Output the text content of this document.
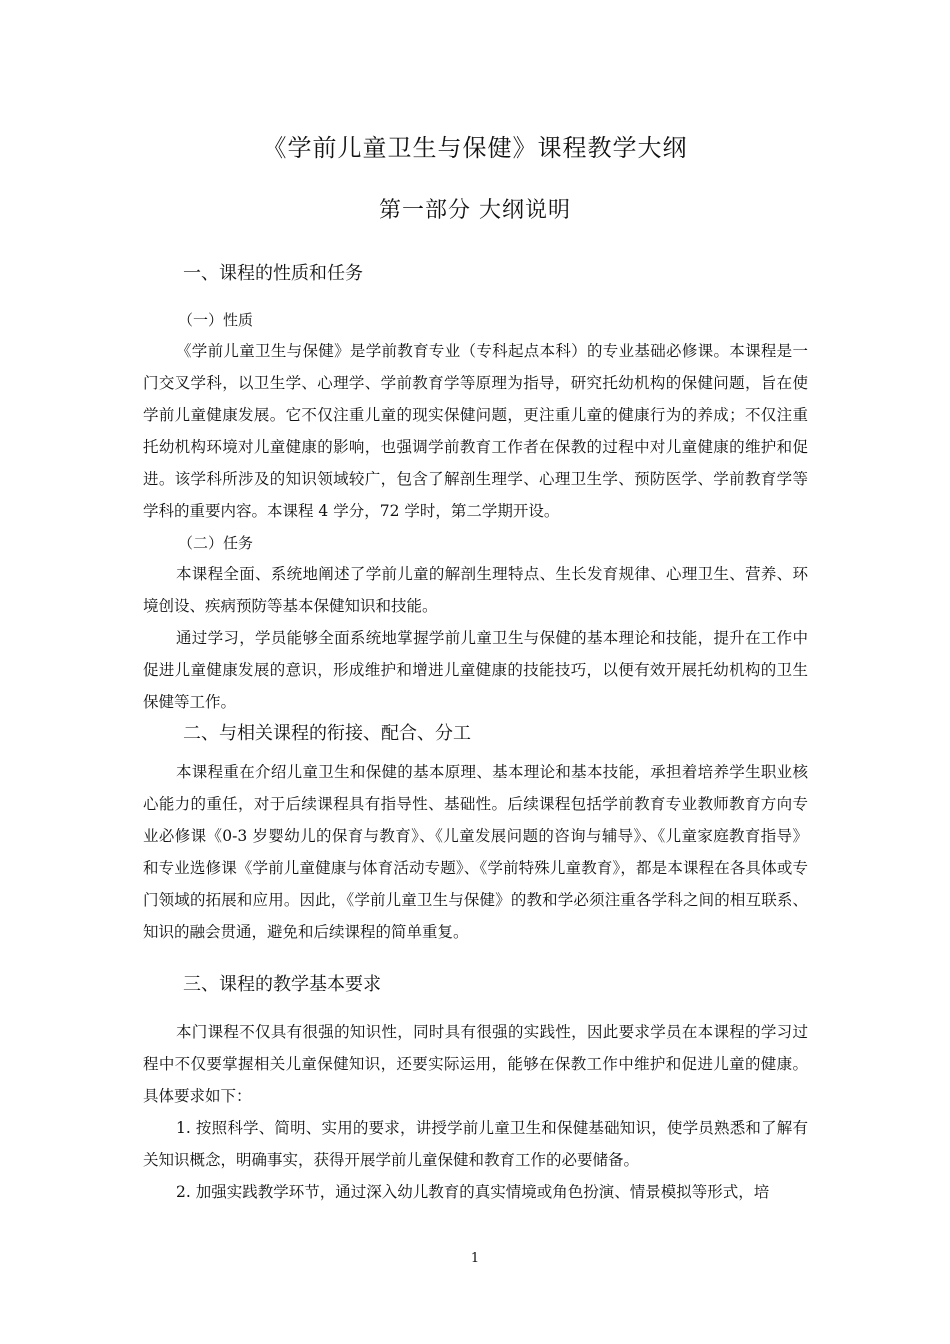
《学前儿童卫生与保健》课程教学大纲
第一部分 大纲说明
一、课程的性质和任务
（一）性质
《学前儿童卫生与保健》是学前教育专业（专科起点本科）的专业基础必修课。本课程是一门交叉学科，以卫生学、心理学、学前教育学等原理为指导，研究托幼机构的保健问题，旨在使学前儿童健康发展。它不仅注重儿童的现实保健问题，更注重儿童的健康行为的养成；不仅注重托幼机构环境对儿童健康的影响，也强调学前教育工作者在保教的过程中对儿童健康的维护和促进。该学科所涉及的知识领域较广，包含了解剖生理学、心理卫生学、预防医学、学前教育学等学科的重要内容。本课程 4 学分，72 学时，第二学期开设。
（二）任务
本课程全面、系统地阐述了学前儿童的解剖生理特点、生长发育规律、心理卫生、营养、环境创设、疾病预防等基本保健知识和技能。
通过学习，学员能够全面系统地掌握学前儿童卫生与保健的基本理论和技能，提升在工作中促进儿童健康发展的意识，形成维护和增进儿童健康的技能技巧，以便有效开展托幼机构的卫生保健等工作。
二、与相关课程的衔接、配合、分工
本课程重在介绍儿童卫生和保健的基本原理、基本理论和基本技能，承担着培养学生职业核心能力的重任，对于后续课程具有指导性、基础性。后续课程包括学前教育专业教师教育方向专业必修课《0-3 岁婴幼儿的保育与教育》、《儿童发展问题的咨询与辅导》、《儿童家庭教育指导》和专业选修课《学前儿童健康与体育活动专题》、《学前特殊儿童教育》，都是本课程在各具体或专门领域的拓展和应用。因此，《学前儿童卫生与保健》的教和学必须注重各学科之间的相互联系、知识的融会贯通，避免和后续课程的简单重复。
三、课程的教学基本要求
本门课程不仅具有很强的知识性，同时具有很强的实践性，因此要求学员在本课程的学习过程中不仅要掌握相关儿童保健知识，还要实际运用，能够在保教工作中维护和促进儿童的健康。具体要求如下：
1. 按照科学、简明、实用的要求，讲授学前儿童卫生和保健基础知识，使学员熟悉和了解有关知识概念，明确事实，获得开展学前儿童保健和教育工作的必要储备。
2. 加强实践教学环节，通过深入幼儿教育的真实情境或角色扮演、情景模拟等形式，培
1
